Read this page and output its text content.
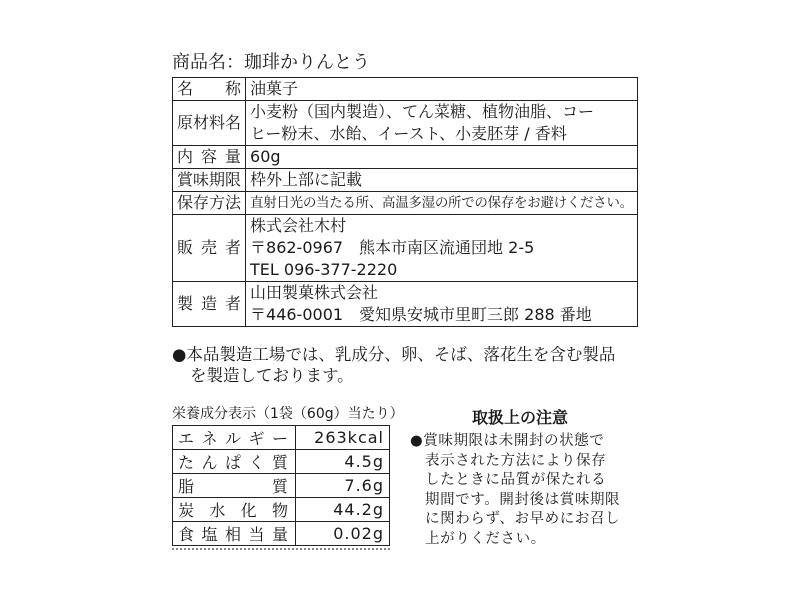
商品名：珈琲かりんとう
名　称	油菓子
原材料名	小麦粉（国内製造）、てん菜糖、植物油脂、コー
ヒー粉末、水飴、イースト、小麦胚芽 / 香料

内容量	60g
賞味期限	枠外上部に記載
保存方法	直射日光の当たる所、高温多湿の所での保存をお避けください。
販売者	株式会社木村
〒862-0967　熊本市南区流通団地 2-5
TEL 096-377-2220

製造者	山田製菓株式会社
〒446-0001　愛知県安城市里町三郎 288 番地
●本品製造工場では、乳成分、卵、そば、落花生を含む製品
を製造しております。
栄養成分表示（1袋（60g）当たり）
エネルギー	263kcal
たんぱく質	4.5g
脂質	7.6g
炭水化物	44.2g
食塩相当量	0.02g
取扱上の注意
●賞味期限は未開封の状態で
表示された方法により保存
したときに品質が保たれる
期間です。開封後は賞味期限
に関わらず、お早めにお召し
上がりください。
